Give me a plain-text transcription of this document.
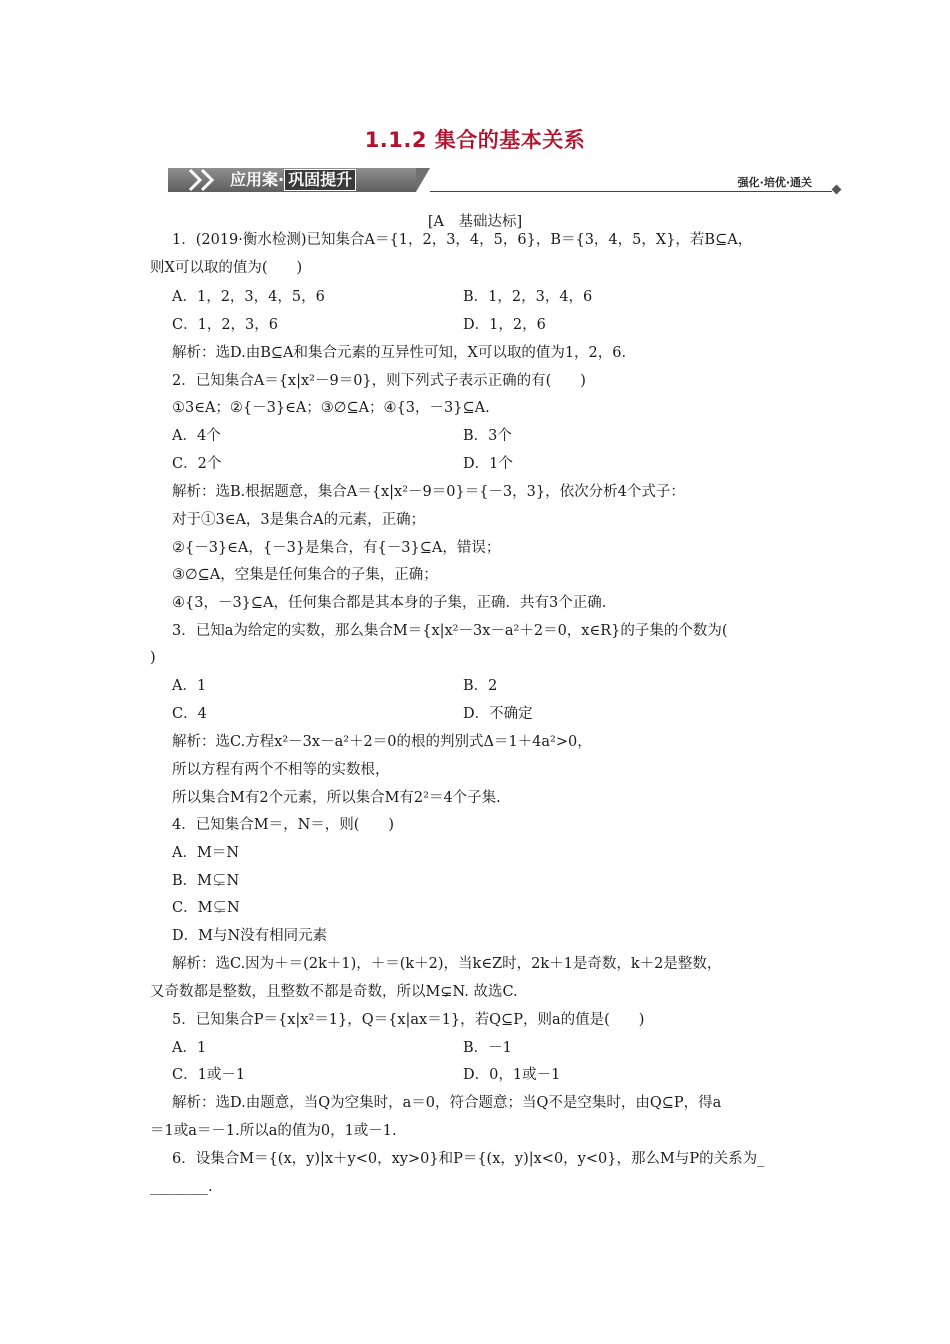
1.1.2 集合的基本关系
应用案· 巩固提升	强化·培优·通关
[A　基础达标]
1．(2019·衡水检测)已知集合A＝{1，2，3，4，5，6}，B＝{3，4，5，X}，若B⊆A，
则X可以取的值为(　　)
A．1，2，3，4，5，6	B．1，2，3，4，6
C．1，2，3，6	D．1，2，6
解析：选D.由B⊆A和集合元素的互异性可知，X可以取的值为1，2，6.
2．已知集合A＝{x|x²－9＝0}，则下列式子表示正确的有(　　)
①3∈A；②{－3}∈A；③∅⊆A；④{3，－3}⊆A.
A．4个	B．3个
C．2个	D．1个
解析：选B.根据题意，集合A＝{x|x²－9＝0}＝{－3，3}，依次分析4个式子：
对于①3∈A，3是集合A的元素，正确；
②{－3}∈A，{－3}是集合，有{－3}⊆A，错误；
③∅⊆A，空集是任何集合的子集，正确；
④{3，－3}⊆A，任何集合都是其本身的子集，正确．共有3个正确.
3．已知a为给定的实数，那么集合M＝{x|x²－3x－a²＋2＝0，x∈R}的子集的个数为(
)
A．1	B．2
C．4	D．不确定
解析：选C.方程x²－3x－a²＋2＝0的根的判别式Δ＝1＋4a²>0，
所以方程有两个不相等的实数根，
所以集合M有2个元素，所以集合M有2²＝4个子集.
4．已知集合M＝，N＝，则(　　)
A．M＝N
B．M⊊N
C．M⊊N
D．M与N没有相同元素
解析：选C.因为＋＝(2k＋1)，＋＝(k＋2)，当k∈Z时，2k＋1是奇数，k＋2是整数，
又奇数都是整数，且整数不都是奇数，所以M⊊N. 故选C.
5．已知集合P＝{x|x²＝1}，Q＝{x|ax＝1}，若Q⊆P，则a的值是(　　)
A．1	B．－1
C．1或－1	D．0，1或－1
解析：选D.由题意，当Q为空集时，a＝0，符合题意；当Q不是空集时，由Q⊆P，得a
＝1或a＝－1.所以a的值为0，1或－1.
6．设集合M＝{(x，y)|x＋y<0，xy>0}和P＝{(x，y)|x<0，y<0}，那么M与P的关系为_
________.
